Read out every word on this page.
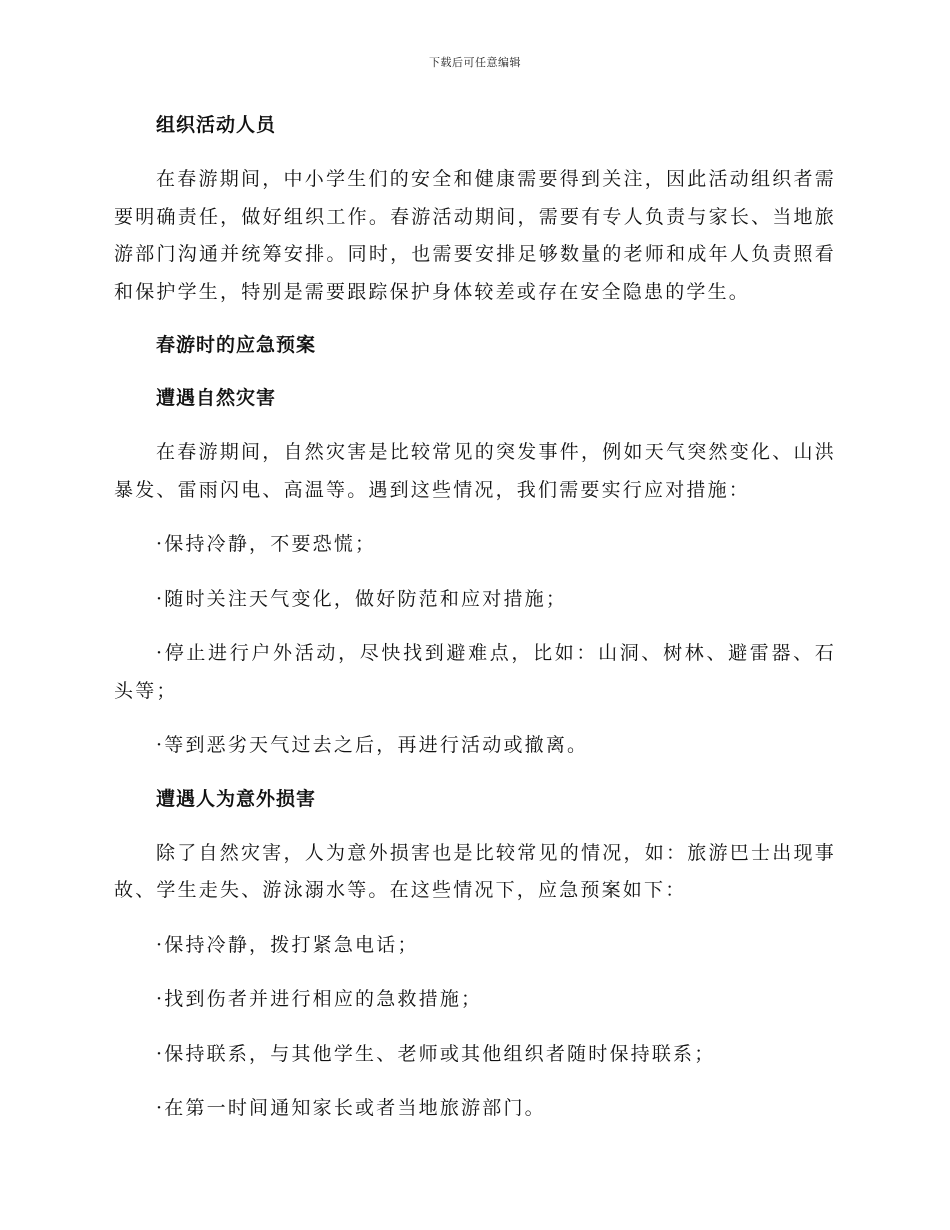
下载后可任意编辑
组织活动人员
在春游期间，中小学生们的安全和健康需要得到关注，因此活动组织者需要明确责任，做好组织工作。春游活动期间，需要有专人负责与家长、当地旅游部门沟通并统筹安排。同时，也需要安排足够数量的老师和成年人负责照看和保护学生，特别是需要跟踪保护身体较差或存在安全隐患的学生。
春游时的应急预案
遭遇自然灾害
在春游期间，自然灾害是比较常见的突发事件，例如天气突然变化、山洪暴发、雷雨闪电、高温等。遇到这些情况，我们需要实行应对措施：
·保持冷静，不要恐慌；
·随时关注天气变化，做好防范和应对措施；
·停止进行户外活动，尽快找到避难点，比如：山洞、树林、避雷器、石头等；
·等到恶劣天气过去之后，再进行活动或撤离。
遭遇人为意外损害
除了自然灾害，人为意外损害也是比较常见的情况，如：旅游巴士出现事故、学生走失、游泳溺水等。在这些情况下，应急预案如下：
·保持冷静，拨打紧急电话；
·找到伤者并进行相应的急救措施；
·保持联系，与其他学生、老师或其他组织者随时保持联系；
·在第一时间通知家长或者当地旅游部门。
